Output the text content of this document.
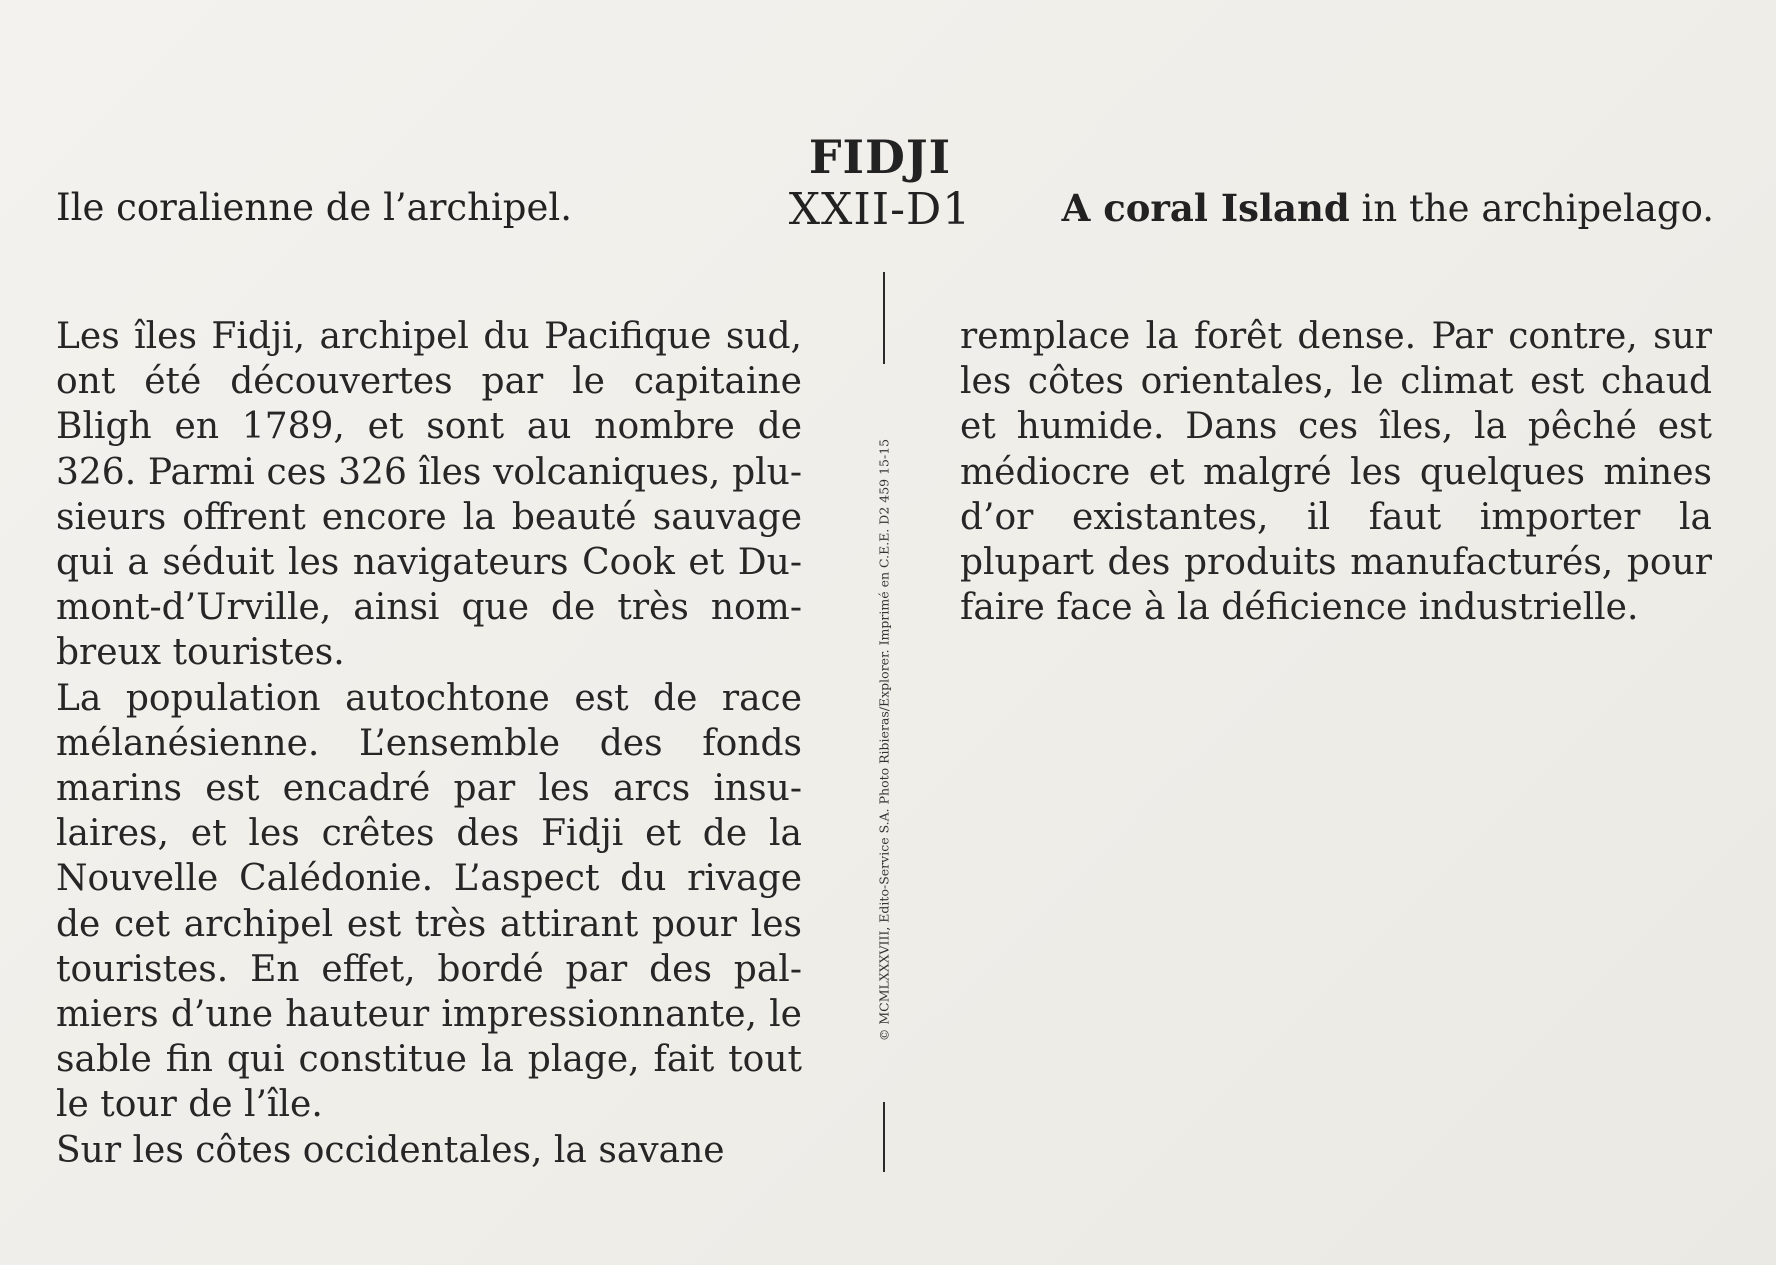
Ile coralienne de l’archipel.
FIDJI
XXII-D1	A coral Island in the archipelago.

Les îles Fidji, archipel du Pacifique sud, ont été découvertes par le capitaine Bligh en 1789, et sont au nombre de 326. Parmi ces 326 îles volcaniques, plusieurs offrent encore la beauté sauvage qui a séduit les navigateurs Cook et Dumont-d’Urville, ainsi que de très nombreux touristes.

La population autochtone est de race mélanésienne. L’ensemble des fonds marins est encadré par les arcs insulaires, et les crêtes des Fidji et de la Nouvelle Calédonie. L’aspect du rivage de cet archipel est très attirant pour les touristes. En effet, bordé par des palmiers d’une hauteur impressionnante, le sable fin qui constitue la plage, fait tout le tour de l’île.

Sur les côtes occidentales, la savane

© MCMLXXXVIII, Edito-Service S.A. Photo Ribieras/Explorer. Imprimé en C.E.E. D2 459 15-15

remplace la forêt dense. Par contre, sur les côtes orientales, le climat est chaud et humide. Dans ces îles, la pêché est médiocre et malgré les quelques mines d’or existantes, il faut importer la plupart des produits manufacturés, pour faire face à la déficience industrielle.
